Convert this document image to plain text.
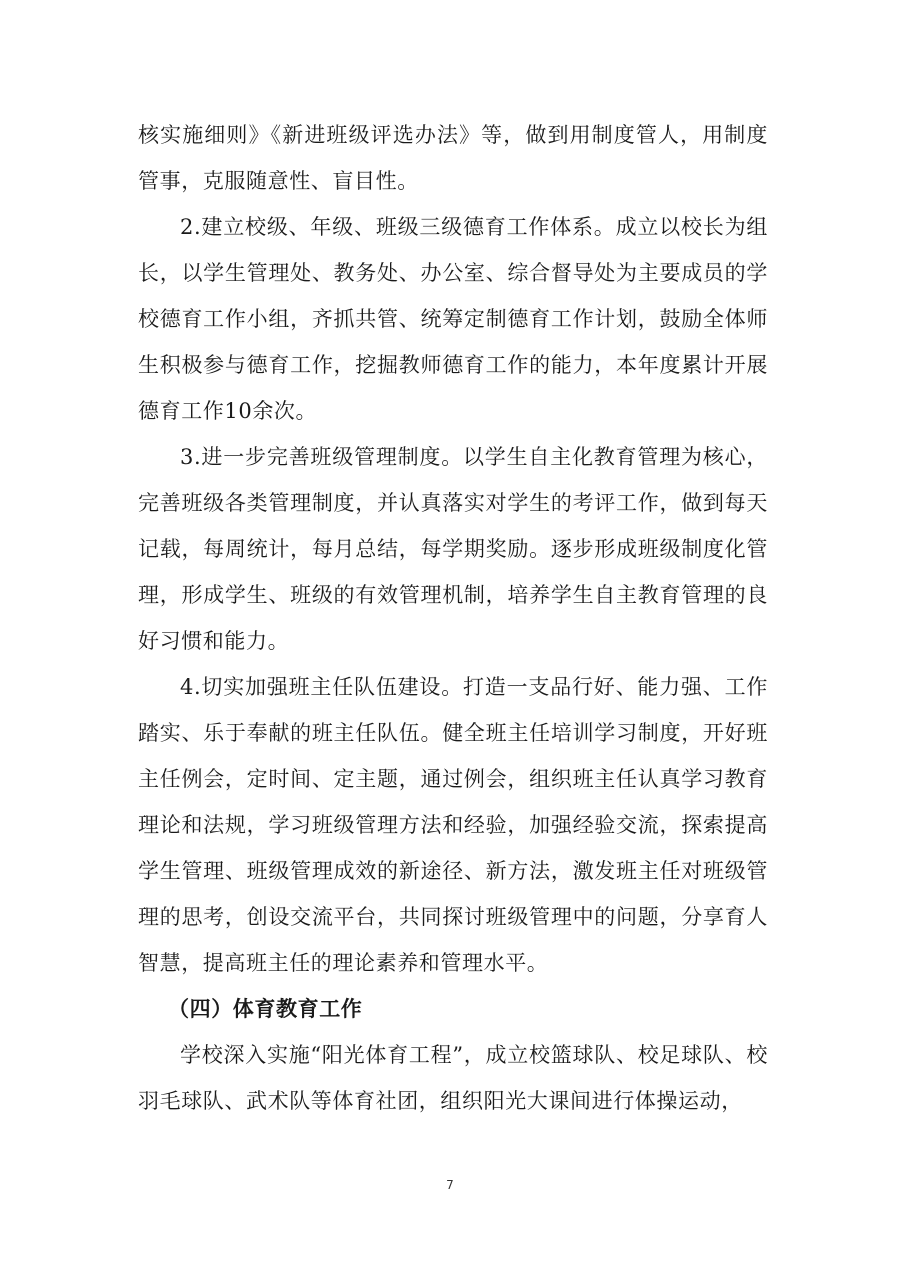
核实施细则》《新进班级评选办法》等，做到用制度管人，用制度管事，克服随意性、盲目性。

2.建立校级、年级、班级三级德育工作体系。成立以校长为组长，以学生管理处、教务处、办公室、综合督导处为主要成员的学校德育工作小组，齐抓共管、统筹定制德育工作计划，鼓励全体师生积极参与德育工作，挖掘教师德育工作的能力，本年度累计开展德育工作10余次。

3.进一步完善班级管理制度。以学生自主化教育管理为核心，完善班级各类管理制度，并认真落实对学生的考评工作，做到每天记载，每周统计，每月总结，每学期奖励。逐步形成班级制度化管理，形成学生、班级的有效管理机制，培养学生自主教育管理的良好习惯和能力。

4.切实加强班主任队伍建设。打造一支品行好、能力强、工作踏实、乐于奉献的班主任队伍。健全班主任培训学习制度，开好班主任例会，定时间、定主题，通过例会，组织班主任认真学习教育理论和法规，学习班级管理方法和经验，加强经验交流，探索提高学生管理、班级管理成效的新途径、新方法，激发班主任对班级管理的思考，创设交流平台，共同探讨班级管理中的问题，分享育人智慧，提高班主任的理论素养和管理水平。

（四）体育教育工作

学校深入实施“阳光体育工程”，成立校篮球队、校足球队、校羽毛球队、武术队等体育社团，组织阳光大课间进行体操运动，

7
